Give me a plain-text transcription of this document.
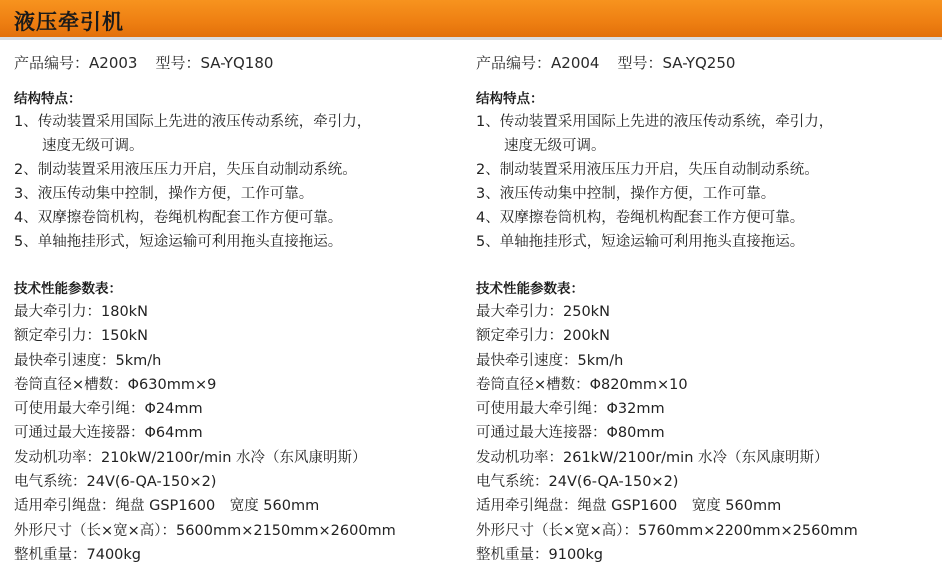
液压牵引机
产品编号：A2003 型号：SA-YQ180
结构特点：
1、传动装置采用国际上先进的液压传动系统，牵引力，
速度无级可调。
2、制动装置采用液压压力开启，失压自动制动系统。
3、液压传动集中控制，操作方便，工作可靠。
4、双摩擦卷筒机构，卷绳机构配套工作方便可靠。
5、单轴拖挂形式，短途运输可利用拖头直接拖运。
技术性能参数表：
最大牵引力：180kN
额定牵引力：150kN
最快牵引速度：5km/h
卷筒直径×槽数：Φ630mm×9
可使用最大牵引绳：Φ24mm
可通过最大连接器：Φ64mm
发动机功率：210kW/2100r/min 水冷（东风康明斯）
电气系统：24V(6-QA-150×2)
适用牵引绳盘：绳盘 GSP1600　宽度 560mm
外形尺寸（长×宽×高）：5600mm×2150mm×2600mm
整机重量：7400kg
产品编号：A2004 型号：SA-YQ250
结构特点：
1、传动装置采用国际上先进的液压传动系统，牵引力，
速度无级可调。
2、制动装置采用液压压力开启，失压自动制动系统。
3、液压传动集中控制，操作方便，工作可靠。
4、双摩擦卷筒机构，卷绳机构配套工作方便可靠。
5、单轴拖挂形式，短途运输可利用拖头直接拖运。
技术性能参数表：
最大牵引力：250kN
额定牵引力：200kN
最快牵引速度：5km/h
卷筒直径×槽数：Φ820mm×10
可使用最大牵引绳：Φ32mm
可通过最大连接器：Φ80mm
发动机功率：261kW/2100r/min 水冷（东风康明斯）
电气系统：24V(6-QA-150×2)
适用牵引绳盘：绳盘 GSP1600　宽度 560mm
外形尺寸（长×宽×高）：5760mm×2200mm×2560mm
整机重量：9100kg
